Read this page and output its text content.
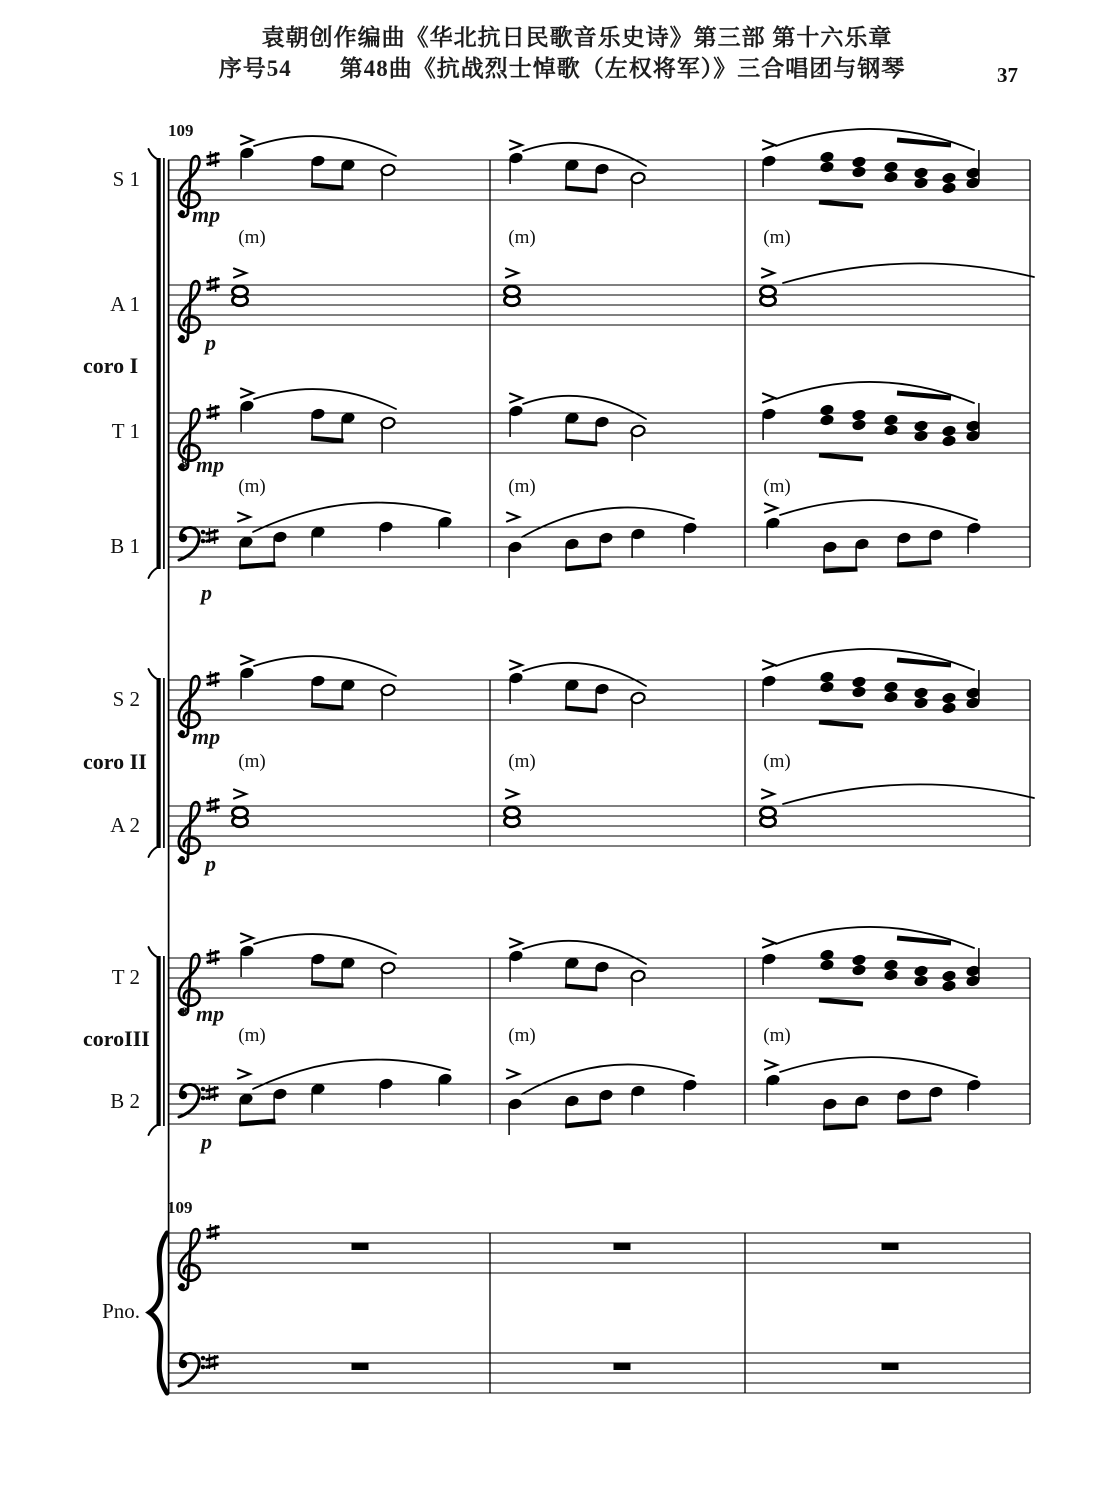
袁朝创作编曲《华北抗日民歌音乐史诗》第三部 第十六乐章
序号54　　第48曲《抗战烈士悼歌（左权将军）》三合唱团与钢琴	37
109
109
S 1
A 1
coro I
T 1
B 1
S 2
coro II
A 2
T 2
coroIII
B 2
Pno.
mp
p
mp
p
mp
p
mp
p
8
8
(m)	(m)	(m)
(m)	(m)	(m)
(m)	(m)	(m)
(m)	(m)	(m)
